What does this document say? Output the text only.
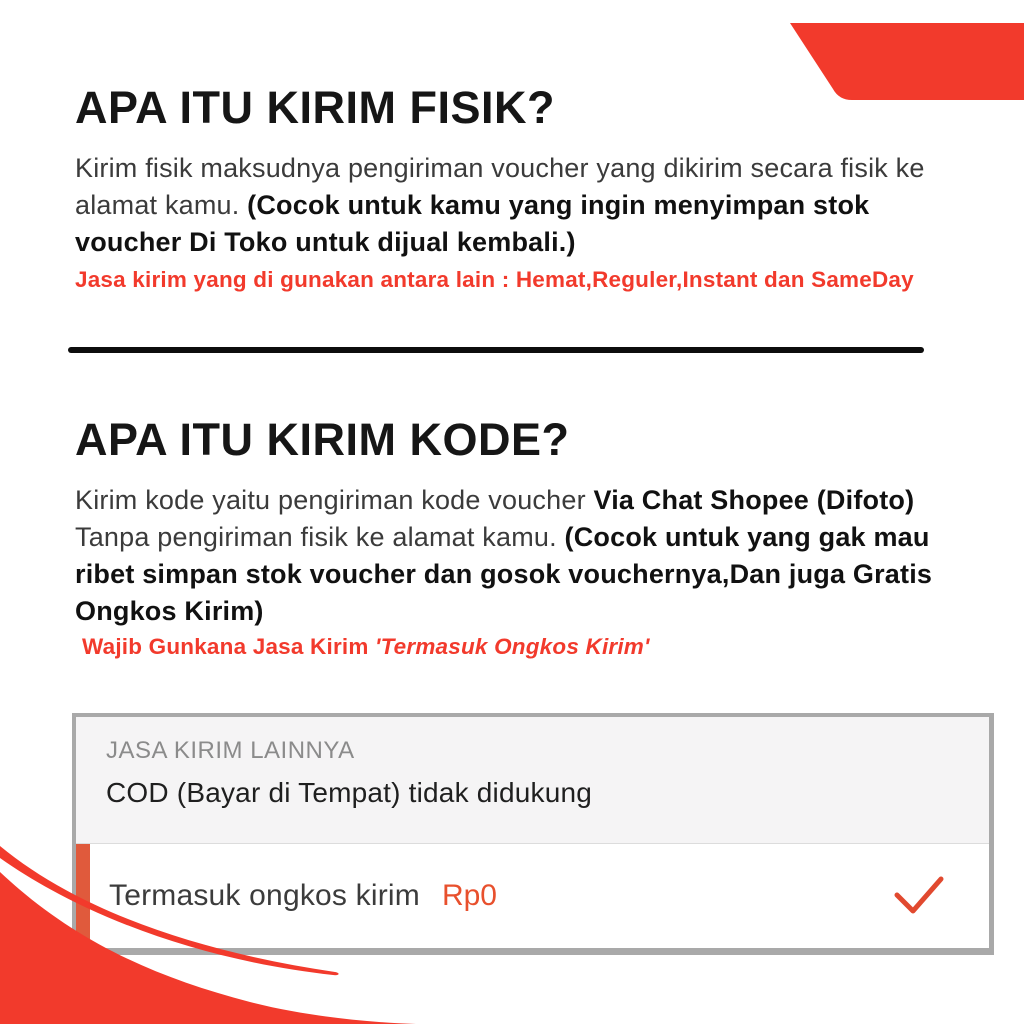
APA ITU KIRIM FISIK?
Kirim fisik maksudnya pengiriman voucher yang dikirim secara fisik ke alamat kamu. (Cocok untuk kamu yang ingin menyimpan stok voucher Di Toko untuk dijual kembali.)
Jasa kirim yang di gunakan antara lain : Hemat,Reguler,Instant dan SameDay
APA ITU KIRIM KODE?
Kirim kode yaitu pengiriman kode voucher Via Chat Shopee (Difoto) Tanpa pengiriman fisik ke alamat kamu. (Cocok untuk yang gak mau ribet simpan stok voucher dan gosok vouchernya,Dan juga Gratis Ongkos Kirim)
Wajib Gunkana Jasa Kirim 'Termasuk Ongkos Kirim'
JASA KIRIM LAINNYA
COD (Bayar di Tempat) tidak didukung
Termasuk ongkos kirim Rp0
